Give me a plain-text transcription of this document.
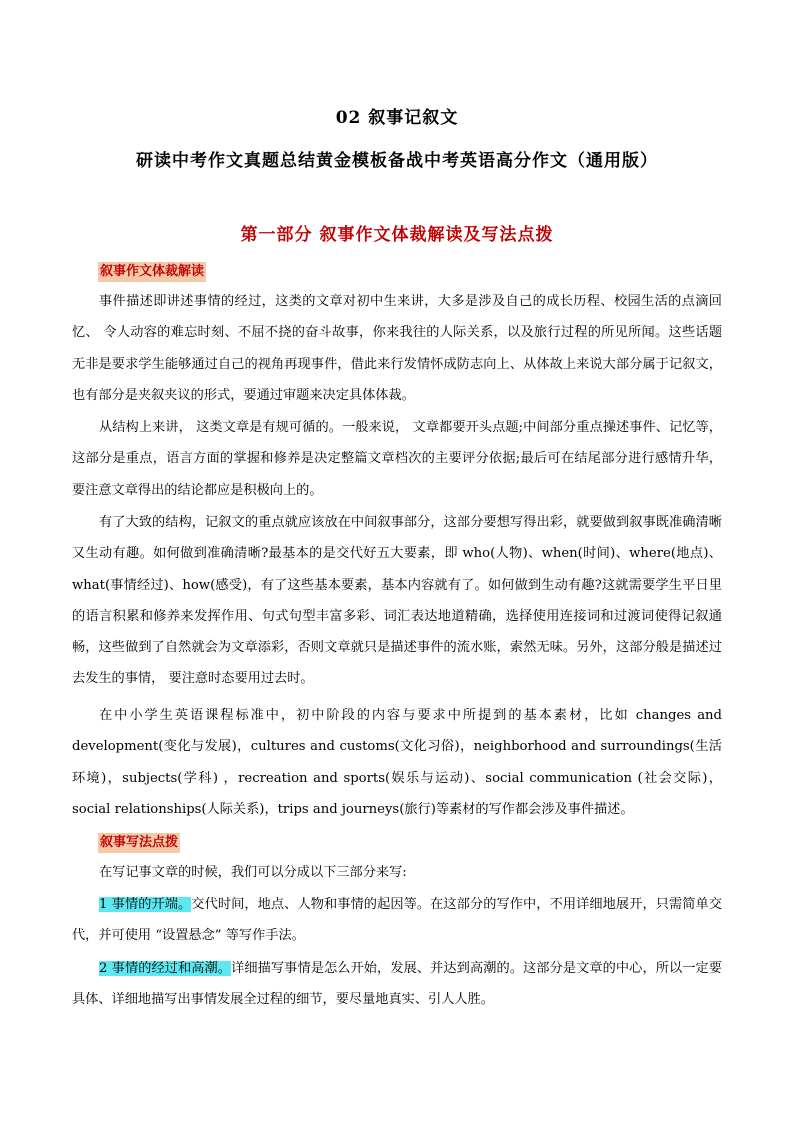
02 叙事记叙文
研读中考作文真题总结黄金模板备战中考英语高分作文（通用版）
第一部分 叙事作文体裁解读及写法点拨
叙事作文体裁解读

事件描述即讲述事情的经过，这类的文章对初中生来讲，大多是涉及自己的成长历程、校园生活的点滴回忆、 令人动容的难忘时刻、不屈不挠的奋斗故事，你来我往的人际关系，以及旅行过程的所见所闻。这些话题无非是要求学生能够通过自己的视角再现事件，借此来行发情怀成防志向上、从体故上来说大部分属于记叙文，也有部分是夹叙夹议的形式，要通过审题来决定具体体裁。

从结构上来讲， 这类文章是有规可循的。一般来说， 文章都要开头点题;中间部分重点操述事件、记忆等，这部分是重点，语言方面的掌握和修养是决定整篇文章档次的主要评分依据;最后可在结尾部分进行感情升华，要注意文章得出的结论都应是积极向上的。

有了大致的结构，记叙文的重点就应该放在中间叙事部分，这部分要想写得出彩，就要做到叙事既准确清晰又生动有趣。如何做到准确清晰?最基本的是交代好五大要素，即 who(人物)、when(时间)、where(地点)、what(事情经过)、how(感受)，有了这些基本要素，基本内容就有了。如何做到生动有趣?这就需要学生平日里的语言积累和修养来发挥作用、句式句型丰富多彩、词汇表达地道精确，选择使用连接词和过渡词使得记叙通畅，这些做到了自然就会为文章添彩，否则文章就只是描述事件的流水账，索然无味。另外，这部分般是描述过去发生的事情， 要注意时态要用过去时。

在中小学生英语课程标准中，初中阶段的内容与要求中所提到的基本素材，比如 changes and development(变化与发展)，cultures and customs(文化习俗)，neighborhood and surroundings(生活环境)，subjects(学科) ，recreation and sports(娱乐与运动)、social communication (社会交际)，social relationships(人际关系)，trips and journeys(旅行)等素材的写作都会涉及事件描述。

叙事写法点拨

在写记事文章的时候，我们可以分成以下三部分来写:

1 事情的开端。交代时间，地点、人物和事情的起因等。在这部分的写作中，不用详细地展开，只需简单交代，并可使用 “设置悬念” 等写作手法。

2 事情的经过和高潮。详细描写事情是怎么开始，发展、并达到高潮的。这部分是文章的中心，所以一定要具体、详细地描写出事情发展全过程的细节，要尽量地真实、引人人胜。
